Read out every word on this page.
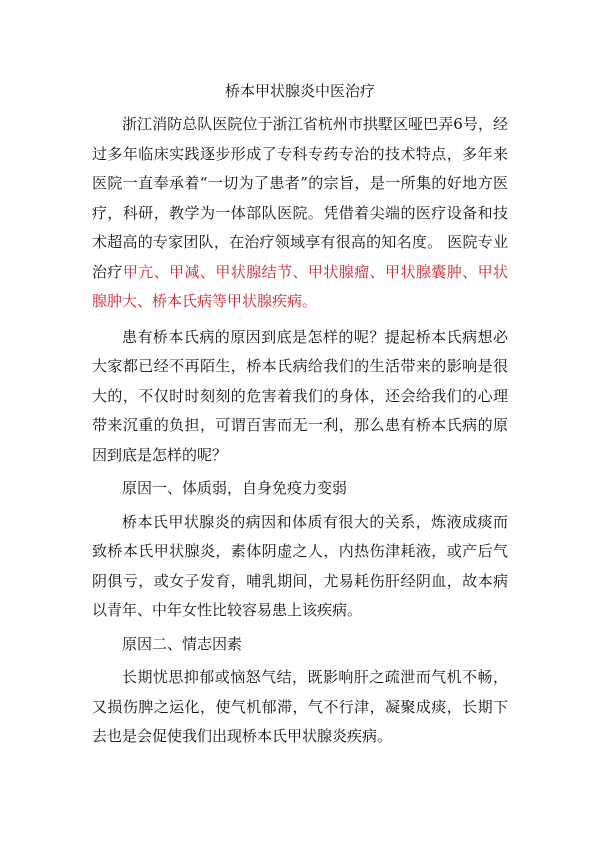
桥本甲状腺炎中医治疗

浙江消防总队医院位于浙江省杭州市拱墅区哑巴弄6号，经过多年临床实践逐步形成了专科专药专治的技术特点，多年来医院一直奉承着“一切为了患者”的宗旨，是一所集的好地方医疗，科研，教学为一体部队医院。凭借着尖端的医疗设备和技术超高的专家团队，在治疗领域享有很高的知名度。 医院专业治疗甲亢、甲减、甲状腺结节、甲状腺瘤、甲状腺囊肿、甲状腺肿大、桥本氏病等甲状腺疾病。

患有桥本氏病的原因到底是怎样的呢？提起桥本氏病想必大家都已经不再陌生，桥本氏病给我们的生活带来的影响是很大的，不仅时时刻刻的危害着我们的身体，还会给我们的心理带来沉重的负担，可谓百害而无一利，那么患有桥本氏病的原因到底是怎样的呢？

原因一、体质弱，自身免疫力变弱

桥本氏甲状腺炎的病因和体质有很大的关系，炼液成痰而致桥本氏甲状腺炎，素体阴虚之人，内热伤津耗液，或产后气阴俱亏，或女子发育，哺乳期间，尤易耗伤肝经阴血，故本病以青年、中年女性比较容易患上该疾病。

原因二、情志因素

长期忧思抑郁或恼怒气结，既影响肝之疏泄而气机不畅，又损伤脾之运化，使气机郁滞，气不行津，凝聚成痰，长期下去也是会促使我们出现桥本氏甲状腺炎疾病。
